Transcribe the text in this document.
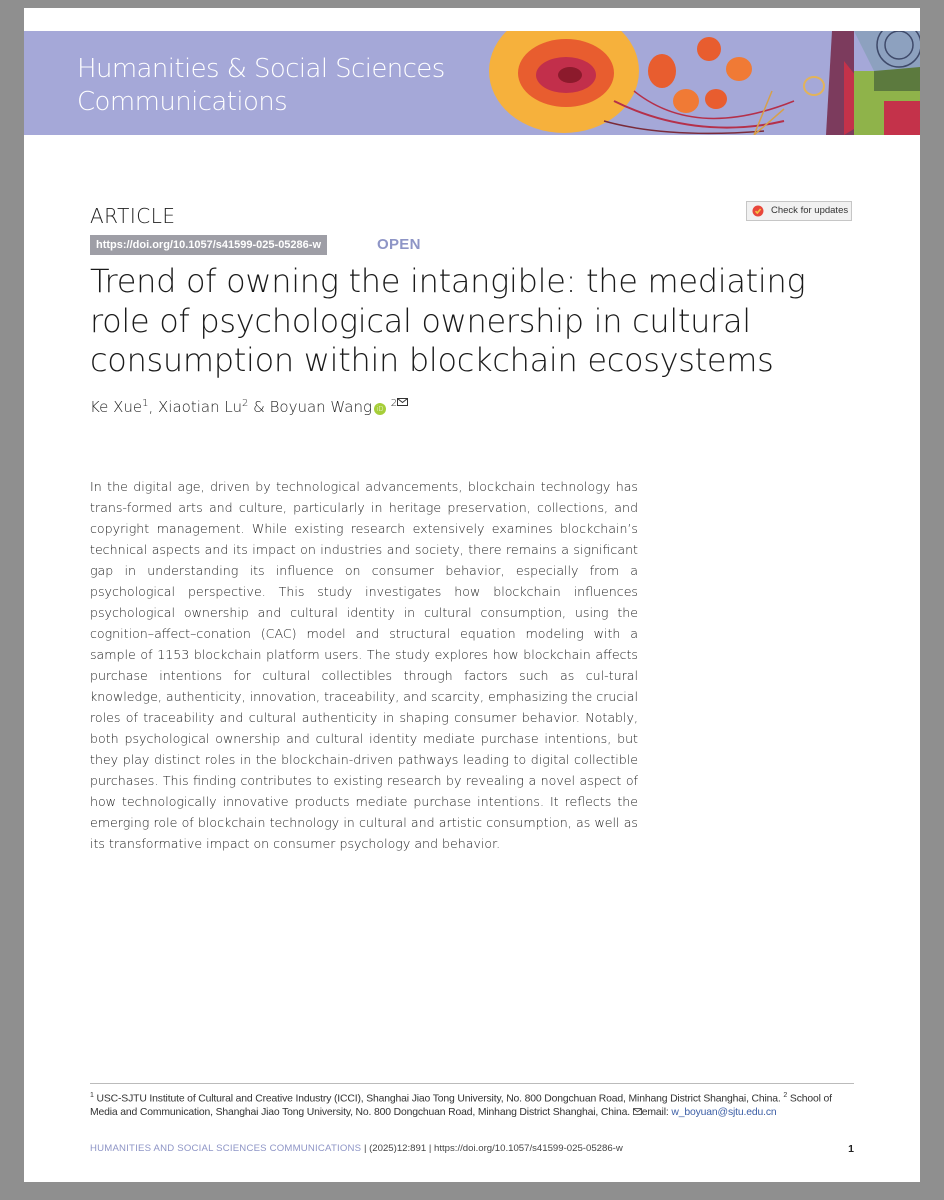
Humanities & Social Sciences
Communications
ARTICLE	Check for updates
https://doi.org/10.1057/s41599-025-05286-w	OPEN
Trend of owning the intangible: the mediating role of psychological ownership in cultural consumption within blockchain ecosystems
Ke Xue$^1$, Xiaotian Lu$^2$ & Boyuan Wang iD $^2$

In the digital age, driven by technological advancements, blockchain technology has trans-formed arts and culture, particularly in heritage preservation, collections, and copyright management. While existing research extensively examines blockchain’s technical aspects and its impact on industries and society, there remains a significant gap in understanding its influence on consumer behavior, especially from a psychological perspective. This study investigates how blockchain influences psychological ownership and cultural identity in cultural consumption, using the cognition–affect–conation (CAC) model and structural equation modeling with a sample of 1153 blockchain platform users. The study explores how blockchain affects purchase intentions for cultural collectibles through factors such as cul-tural knowledge, authenticity, innovation, traceability, and scarcity, emphasizing the crucial roles of traceability and cultural authenticity in shaping consumer behavior. Notably, both psychological ownership and cultural identity mediate purchase intentions, but they play distinct roles in the blockchain-driven pathways leading to digital collectible purchases. This finding contributes to existing research by revealing a novel aspect of how technologically innovative products mediate purchase intentions. It reflects the emerging role of blockchain technology in cultural and artistic consumption, as well as its transformative impact on consumer psychology and behavior.

$^1$ USC-SJTU Institute of Cultural and Creative Industry (ICCI), Shanghai Jiao Tong University, No. 800 Dongchuan Road, Minhang District Shanghai, China. $^2$ School of Media and Communication, Shanghai Jiao Tong University, No. 800 Dongchuan Road, Minhang District Shanghai, China. email: w_boyuan@sjtu.edu.cn
HUMANITIES AND SOCIAL SCIENCES COMMUNICATIONS | (2025)12:891 | https://doi.org/10.1057/s41599-025-05286-w	1
